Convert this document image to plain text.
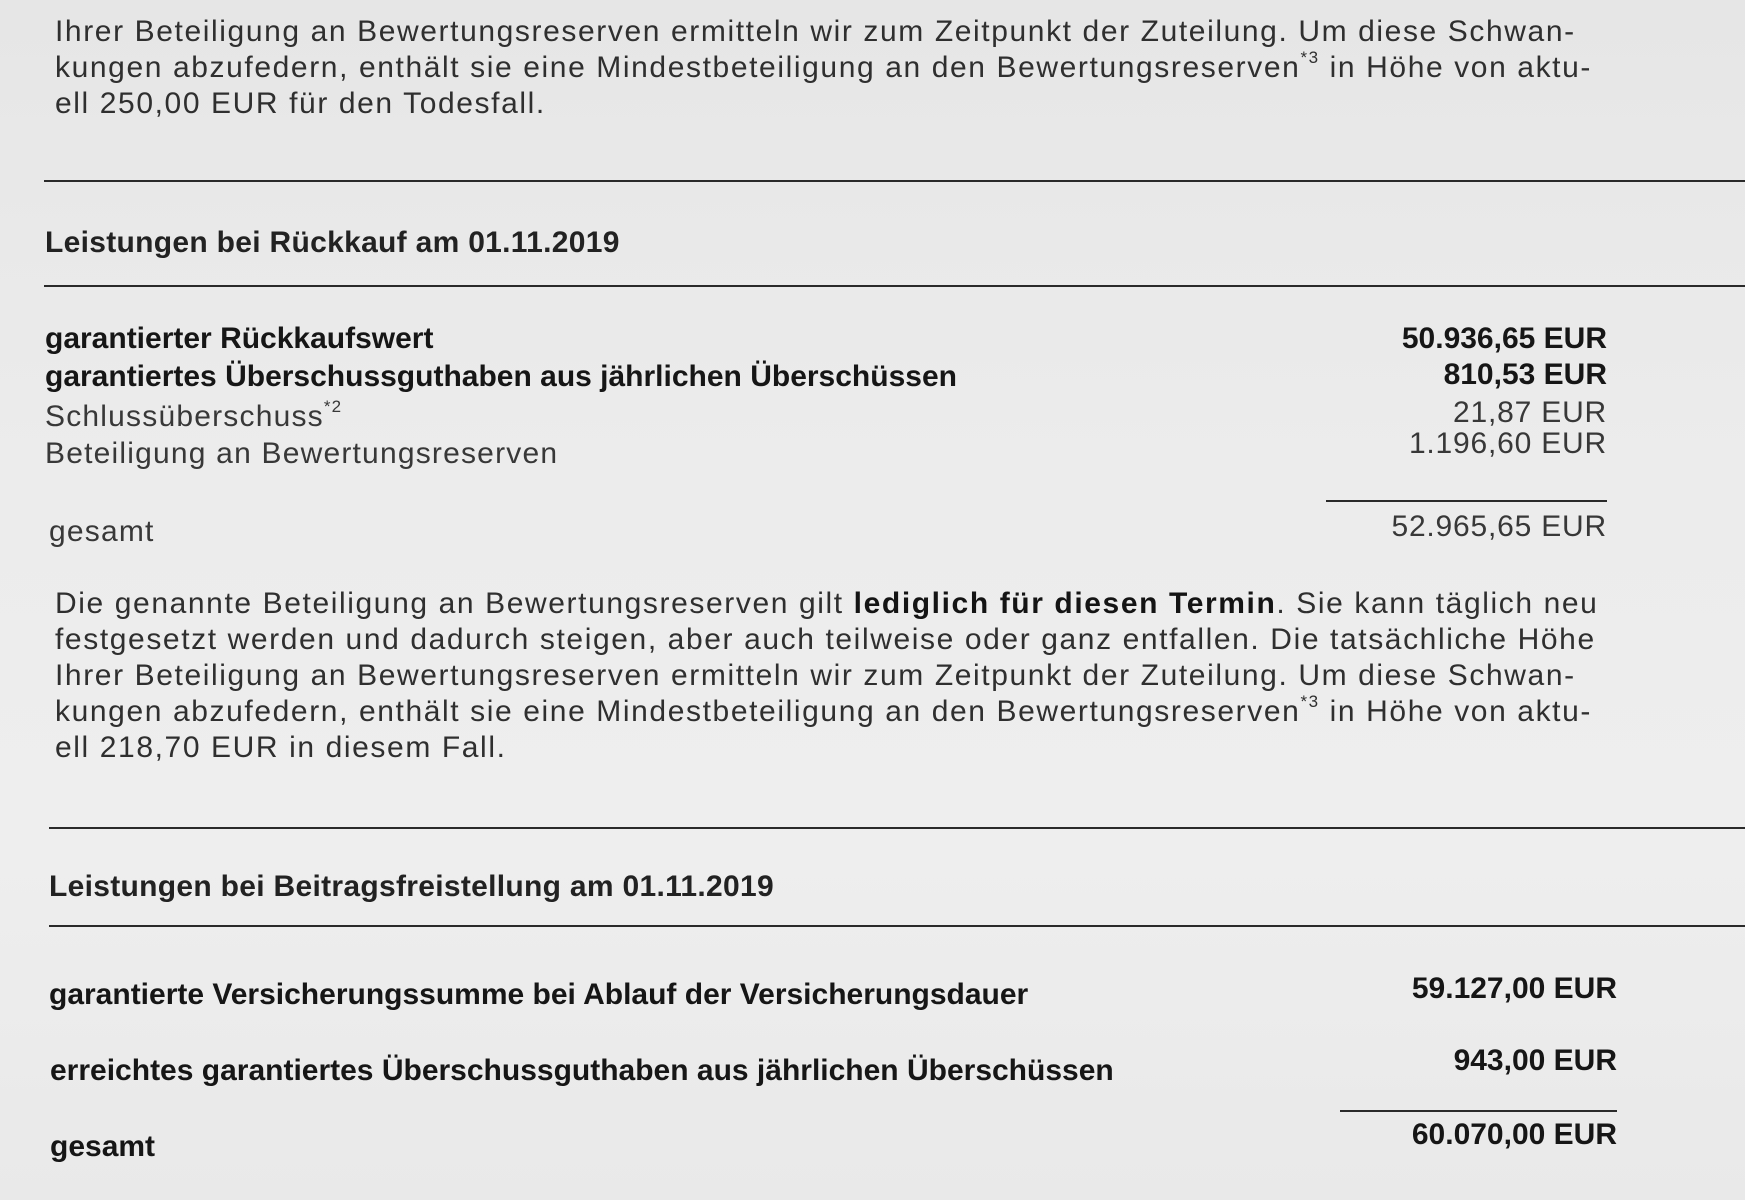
Ihrer Beteiligung an Bewertungsreserven ermitteln wir zum Zeitpunkt der Zuteilung. Um diese Schwan-
kungen abzufedern, enthält sie eine Mindestbeteiligung an den Bewertungsreserven$^{*3}$ in Höhe von aktu-
ell 250,00 EUR für den Todesfall.
Leistungen bei Rückkauf am 01.11.2019
garantierter Rückkaufswert	50.936,65 EUR
garantiertes Überschussguthaben aus jährlichen Überschüssen	810,53 EUR
Schlussüberschuss$^{*2}$	21,87 EUR
Beteiligung an Bewertungsreserven	1.196,60 EUR
gesamt	52.965,65 EUR
Die genannte Beteiligung an Bewertungsreserven gilt lediglich für diesen Termin. Sie kann täglich neu
festgesetzt werden und dadurch steigen, aber auch teilweise oder ganz entfallen. Die tatsächliche Höhe
Ihrer Beteiligung an Bewertungsreserven ermitteln wir zum Zeitpunkt der Zuteilung. Um diese Schwan-
kungen abzufedern, enthält sie eine Mindestbeteiligung an den Bewertungsreserven$^{*3}$ in Höhe von aktu-
ell 218,70 EUR in diesem Fall.
Leistungen bei Beitragsfreistellung am 01.11.2019
garantierte Versicherungssumme bei Ablauf der Versicherungsdauer	59.127,00 EUR
erreichtes garantiertes Überschussguthaben aus jährlichen Überschüssen	943,00 EUR
gesamt	60.070,00 EUR
